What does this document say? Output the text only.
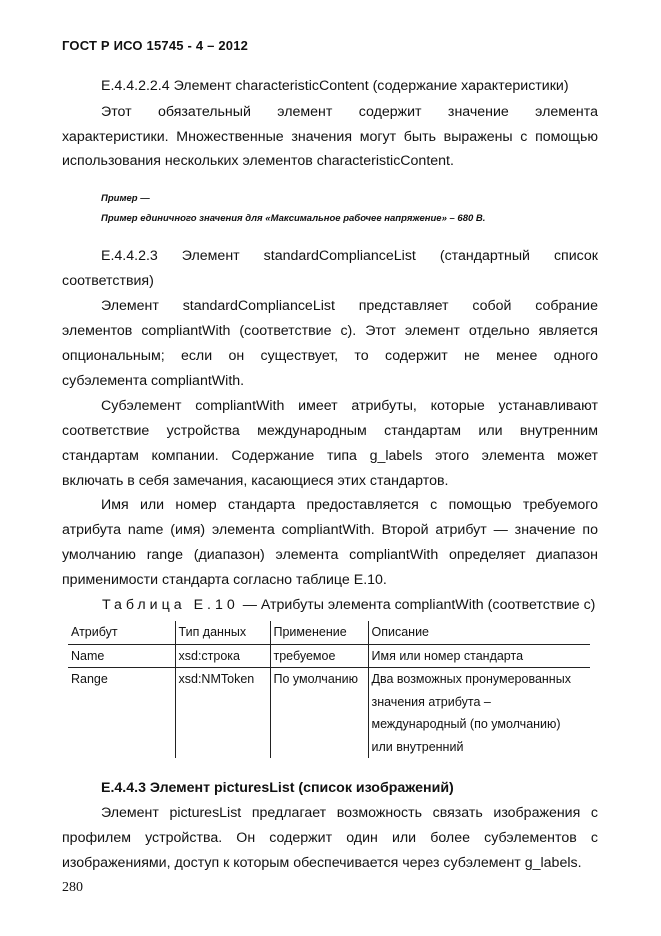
ГОСТ Р ИСО 15745 - 4 – 2012
Е.4.4.2.2.4 Элемент characteristicContent (содержание характеристики)
Этот обязательный элемент содержит значение элемента
характеристики. Множественные значения могут быть выражены с помощью
использования нескольких элементов characteristicContent.
Пример —
Пример единичного значения для «Максимальное рабочее напряжение» – 680 В.
Е.4.4.2.3 Элемент standardComplianceList (стандартный список
соответствия)
Элемент standardComplianceList представляет собой собрание
элементов compliantWith (соответствие с). Этот элемент отдельно является
опциональным; если он существует, то содержит не менее одного
субэлемента compliantWith.
Субэлемент compliantWith имеет атрибуты, которые устанавливают
соответствие устройства международным стандартам или внутренним
стандартам компании. Содержание типа g_labels этого элемента может
включать в себя замечания, касающиеся этих стандартов.
Имя или номер стандарта предоставляется с помощью требуемого
атрибута name (имя) элемента compliantWith. Второй атрибут — значение по
умолчанию range (диапазон) элемента compliantWith определяет диапазон
применимости стандарта согласно таблице Е.10.
Таблица Е.10 — Атрибуты элемента compliantWith (соответствие с)
Атрибут	Тип данных	Применение	Описание
Name	xsd:строка	требуемое	Имя или номер стандарта
Range	xsd:NMToken	По умолчанию	Два возможных пронумерованных
значения атрибута –
международный (по умолчанию)
или внутренний
Е.4.4.3 Элемент picturesList (список изображений)
Элемент picturesList предлагает возможность связать изображения с
профилем устройства. Он содержит один или более субэлементов с
изображениями, доступ к которым обеспечивается через субэлемент g_labels.
280
